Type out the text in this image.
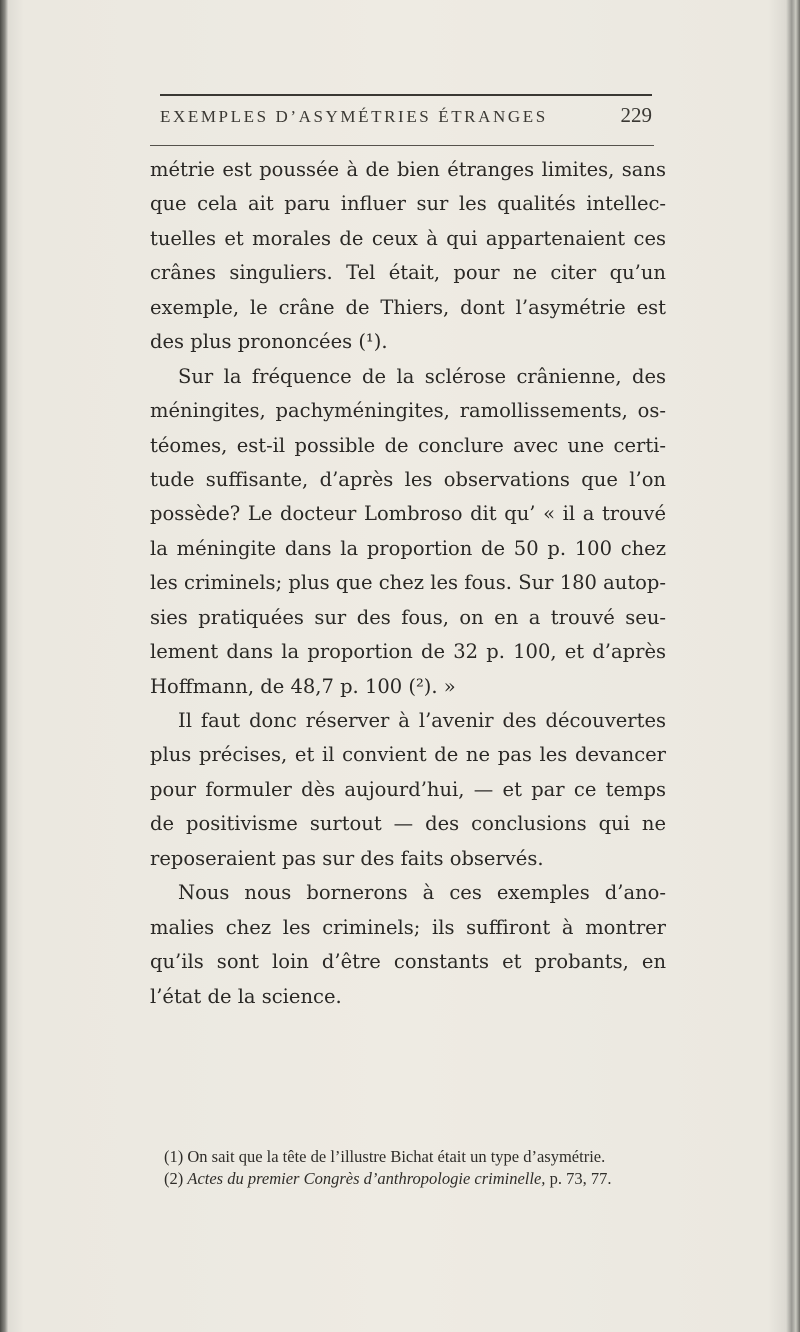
EXEMPLES D’ASYMÉTRIES ÉTRANGES	229
métrie est poussée à de bien étranges limites, sans
que cela ait paru influer sur les qualités intellec-
tuelles et morales de ceux à qui appartenaient ces
crânes singuliers. Tel était, pour ne citer qu’un
exemple, le crâne de Thiers, dont l’asymétrie est
des plus prononcées (¹).
Sur la fréquence de la sclérose crânienne, des
méningites, pachyméningites, ramollissements, os-
téomes, est-il possible de conclure avec une certi-
tude suffisante, d’après les observations que l’on
possède? Le docteur Lombroso dit qu’ « il a trouvé
la méningite dans la proportion de 50 p. 100 chez
les criminels; plus que chez les fous. Sur 180 autop-
sies pratiquées sur des fous, on en a trouvé seu-
lement dans la proportion de 32 p. 100, et d’après
Hoffmann, de 48,7 p. 100 (²). »
Il faut donc réserver à l’avenir des découvertes
plus précises, et il convient de ne pas les devancer
pour formuler dès aujourd’hui, — et par ce temps
de positivisme surtout — des conclusions qui ne
reposeraient pas sur des faits observés.
Nous nous bornerons à ces exemples d’ano-
malies chez les criminels; ils suffiront à montrer
qu’ils sont loin d’être constants et probants, en
l’état de la science.
(1) On sait que la tête de l’illustre Bichat était un type d’asymétrie.
(2) Actes du premier Congrès d’anthropologie criminelle, p. 73, 77.
